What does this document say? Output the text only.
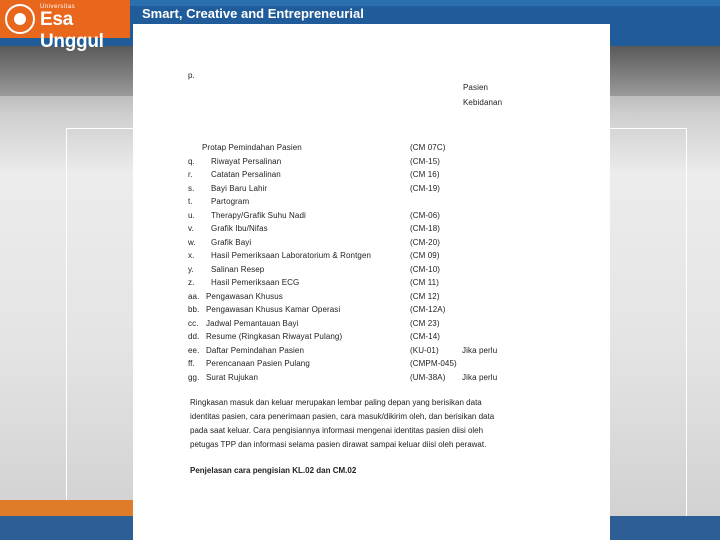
Universitas
Esa Unggul
Smart, Creative and Entrepreneurial
p.
Pasien
Kebidanan
Protap Pemindahan Pasien	(CM 07C)
q. Riwayat Persalinan	(CM-15)
r. Catatan Persalinan	(CM 16)
s. Bayi Baru Lahir	(CM-19)
t. Partogram
u. Therapy/Grafik Suhu Nadi	(CM-06)
v. Grafik Ibu/Nifas	(CM-18)
w. Grafik Bayi	(CM-20)
x. Hasil Pemeriksaan Laboratorium & Rontgen	(CM 09)
y. Salinan Resep	(CM-10)
z. Hasil Pemeriksaan ECG	(CM 11)
aa. Pengawasan Khusus	(CM 12)
bb. Pengawasan Khusus Kamar Operasi	(CM-12A)
cc. Jadwal Pemantauan Bayi	(CM 23)
dd. Resume (Ringkasan Riwayat Pulang)	(CM-14)
ee. Daftar Pemindahan Pasien	(KU-01)	Jika perlu
ff. Perencanaan Pasien Pulang	(CMPM-045)
gg. Surat Rujukan	(UM-38A) Jika perlu
Ringkasan masuk dan keluar merupakan lembar paling depan yang berisikan data
identitas pasien, cara penerimaan pasien, cara masuk/dikirim oleh, dan berisikan data
pada saat keluar. Cara pengisiannya informasi mengenai identitas pasien diisi oleh
petugas TPP dan informasi selama pasien dirawat sampai keluar diisi oleh perawat.
Penjelasan cara pengisian KL.02 dan CM.02
